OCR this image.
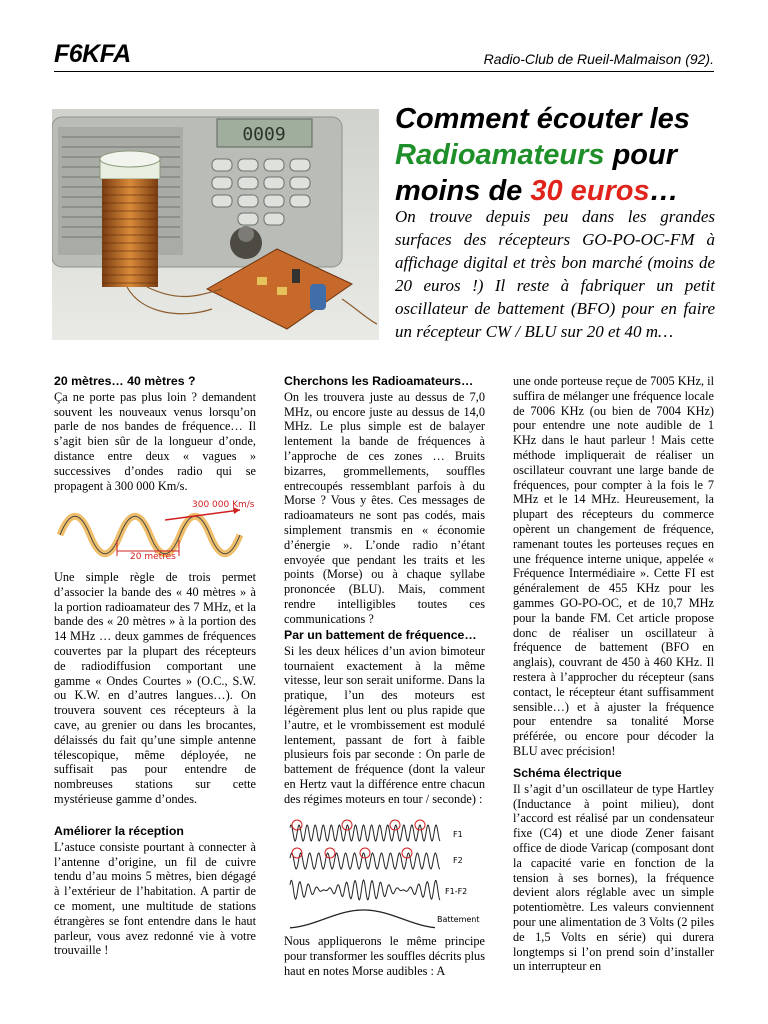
F6KFA	Radio-Club de Rueil-Malmaison (92).
0009	Comment écouter les
Radioamateurs pour
moins de 30 euros…
On trouve depuis peu dans les grandes surfaces des récepteurs GO-PO-OC-FM à affichage digital et très bon marché (moins de 20 euros !) Il reste à fabriquer un petit oscillateur de battement (BFO) pour en faire un récepteur CW / BLU sur 20 et 40 m…
20 mètres… 40 mètres ?

Ça ne porte pas plus loin ? demandent souvent les nouveaux venus lorsqu’on parle de nos bandes de fréquence… Il s’agit bien sûr de la longueur d’onde, distance entre deux « vagues » successives d’ondes radio qui se propagent à 300 000 Km/s.

300 000 Km/s
20 mètres

Une simple règle de trois permet d’associer la bande des « 40 mètres » à la portion radioamateur des 7 MHz, et la bande des « 20 mètres » à la portion des 14 MHz … deux gammes de fréquences couvertes par la plupart des récepteurs de radiodiffusion comportant une gamme « Ondes Courtes » (O.C., S.W. ou K.W. en d’autres langues…). On trouvera souvent ces récepteurs à la cave, au grenier ou dans les brocantes, délaissés du fait qu’une simple antenne télescopique, même déployée, ne suffisait pas pour entendre de nombreuses stations sur cette mystérieuse gamme d’ondes.

Améliorer la réception

L’astuce consiste pourtant à connecter à l’antenne d’origine, un fil de cuivre tendu d’au moins 5 mètres, bien dégagé à l’extérieur de l’habitation. A partir de ce moment, une multitude de stations étrangères se font entendre dans le haut parleur, vous avez redonné vie à votre trouvaille !

Cherchons les Radioamateurs…

On les trouvera juste au dessus de 7,0 MHz, ou encore juste au dessus de 14,0 MHz. Le plus simple est de balayer lentement la bande de fréquences à l’approche de ces zones … Bruits bizarres, grommellements, souffles entrecoupés ressemblant parfois à du Morse ? Vous y êtes. Ces messages de radioamateurs ne sont pas codés, mais simplement transmis en « économie d’énergie ». L’onde radio n’étant envoyée que pendant les traits et les points (Morse) ou à chaque syllabe prononcée (BLU). Mais, comment rendre intelligibles toutes ces communications ?

Par un battement de fréquence…

Si les deux hélices d’un avion bimoteur tournaient exactement à la même vitesse, leur son serait uniforme. Dans la pratique, l’un des moteurs est légèrement plus lent ou plus rapide que l’autre, et le vrombissement est modulé lentement, passant de fort à faible plusieurs fois par seconde : On parle de battement de fréquence (dont la valeur en Hertz vaut la différence entre chacun des régimes moteurs en tour / seconde) :

F1
F2
F1-F2
Battement

Nous appliquerons le même principe pour transformer les souffles décrits plus haut en notes Morse audibles : A

une onde porteuse reçue de 7005 KHz, il suffira de mélanger une fréquence locale de 7006 KHz (ou bien de 7004 KHz) pour entendre une note audible de 1 KHz dans le haut parleur ! Mais cette méthode impliquerait de réaliser un oscillateur couvrant une large bande de fréquences, pour compter à la fois le 7 MHz et le 14 MHz. Heureusement, la plupart des récepteurs du commerce opèrent un changement de fréquence, ramenant toutes les porteuses reçues en une fréquence interne unique, appelée « Fréquence Intermédiaire ». Cette FI est généralement de 455 KHz pour les gammes GO-PO-OC, et de 10,7 MHz pour la bande FM. Cet article propose donc de réaliser un oscillateur à fréquence de battement (BFO en anglais), couvrant de 450 à 460 KHz. Il restera à l’approcher du récepteur (sans contact, le récepteur étant suffisamment sensible…) et à ajuster la fréquence pour entendre sa tonalité Morse préférée, ou encore pour décoder la BLU avec précision!

Schéma électrique

Il s’agit d’un oscillateur de type Hartley (Inductance à point milieu), dont l’accord est réalisé par un condensateur fixe (C4) et une diode Zener faisant office de diode Varicap (composant dont la capacité varie en fonction de la tension à ses bornes), la fréquence devient alors réglable avec un simple potentiomètre. Les valeurs conviennent pour une alimentation de 3 Volts (2 piles de 1,5 Volts en série) qui durera longtemps si l’on prend soin d’installer un interrupteur en
